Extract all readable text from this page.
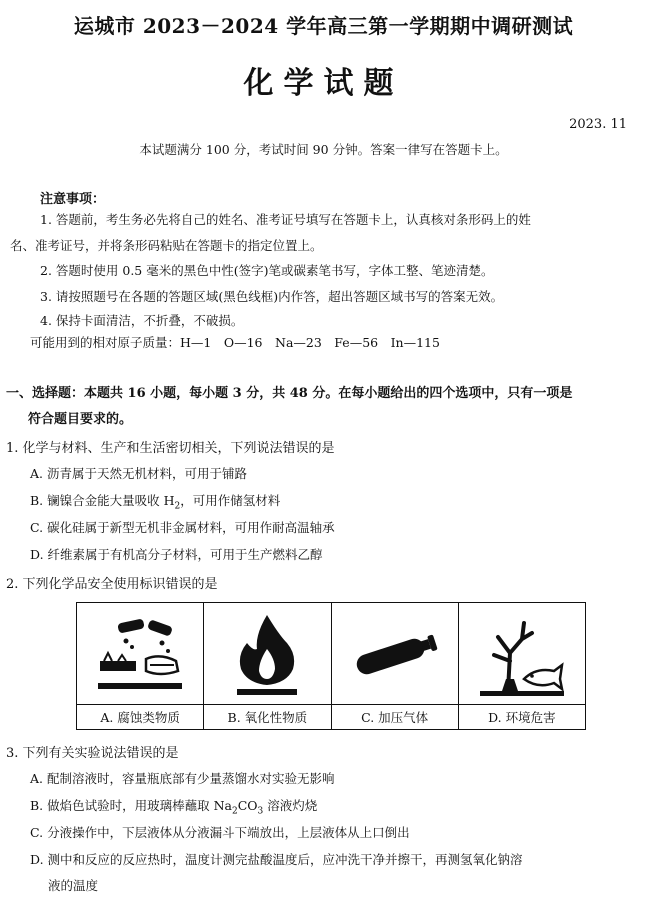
运城市 2023－2024 学年高三第一学期期中调研测试
化学试题
2023. 11
本试题满分 100 分，考试时间 90 分钟。答案一律写在答题卡上。
注意事项：
1. 答题前，考生务必先将自己的姓名、准考证号填写在答题卡上，认真核对条形码上的姓
名、准考证号，并将条形码粘贴在答题卡的指定位置上。
2. 答题时使用 0.5 毫米的黑色中性(签字)笔或碳素笔书写，字体工整、笔迹清楚。
3. 请按照题号在各题的答题区域(黑色线框)内作答，超出答题区域书写的答案无效。
4. 保持卡面清洁，不折叠，不破损。
可能用到的相对原子质量：H—1　O—16　Na—23　Fe—56　In—115
一、选择题：本题共 16 小题，每小题 3 分，共 48 分。在每小题给出的四个选项中，只有一项是
符合题目要求的。
1. 化学与材料、生产和生活密切相关，下列说法错误的是
A. 沥青属于天然无机材料，可用于铺路
B. 镧镍合金能大量吸收 $H_2$，可用作储氢材料
C. 碳化硅属于新型无机非金属材料，可用作耐高温轴承
D. 纤维素属于有机高分子材料，可用于生产燃料乙醇
2. 下列化学品安全使用标识错误的是
A. 腐蚀类物质	B. 氧化性物质	C. 加压气体	D. 环境危害
3. 下列有关实验说法错误的是
A. 配制溶液时，容量瓶底部有少量蒸馏水对实验无影响
B. 做焰色试验时，用玻璃棒蘸取 $Na_2CO_3$ 溶液灼烧
C. 分液操作中，下层液体从分液漏斗下端放出，上层液体从上口倒出
D. 测中和反应的反应热时，温度计测完盐酸温度后，应冲洗干净并擦干，再测氢氧化钠溶
液的温度
